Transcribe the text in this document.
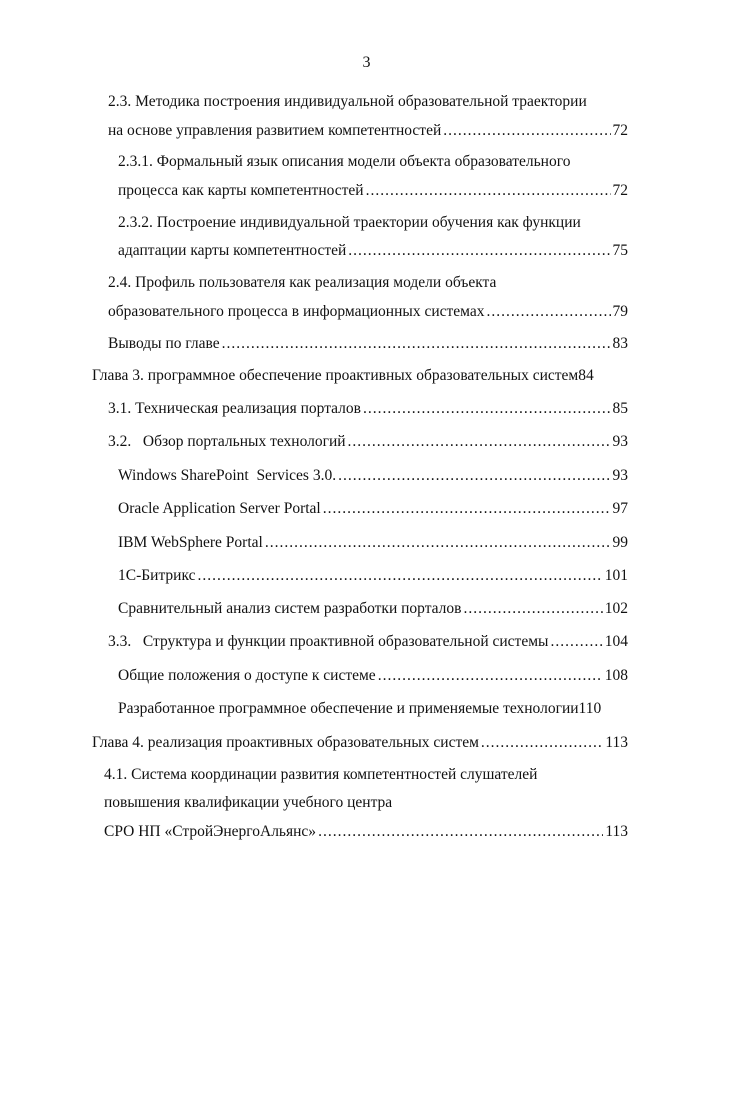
3
2.3. Методика построения индивидуальной образовательной траектории
на основе управления развитием компетентностей .....	72
2.3.1. Формальный язык описания модели объекта образовательного
процесса как карты компетентностей .....	72
2.3.2. Построение индивидуальной траектории обучения как функции
адаптации карты компетентностей .....	75
2.4. Профиль пользователя как реализация модели объекта
образовательного процесса в информационных системах .....	79
Выводы по главе .....	83
Глава 3. программное обеспечение проактивных образовательных систем 84
3.1. Техническая реализация порталов .....	85
3.2.   Обзор портальных технологий .....	93
Windows SharePoint  Services 3.0. .....	93
Oracle Application Server Portal .....	97
IBM WebSphere Portal .....	99
1С-Битрикс .....	101
Сравнительный анализ систем разработки порталов .....	102
3.3.   Структура и функции проактивной образовательной системы .....	104
Общие положения о доступе к системе .....	108
Разработанное программное обеспечение и применяемые технологии 110
Глава 4. реализация проактивных образовательных систем .....	113
4.1. Система координации развития компетентностей слушателей
повышения квалификации учебного центра
СРО НП «СтройЭнергоАльянс» .....	113
